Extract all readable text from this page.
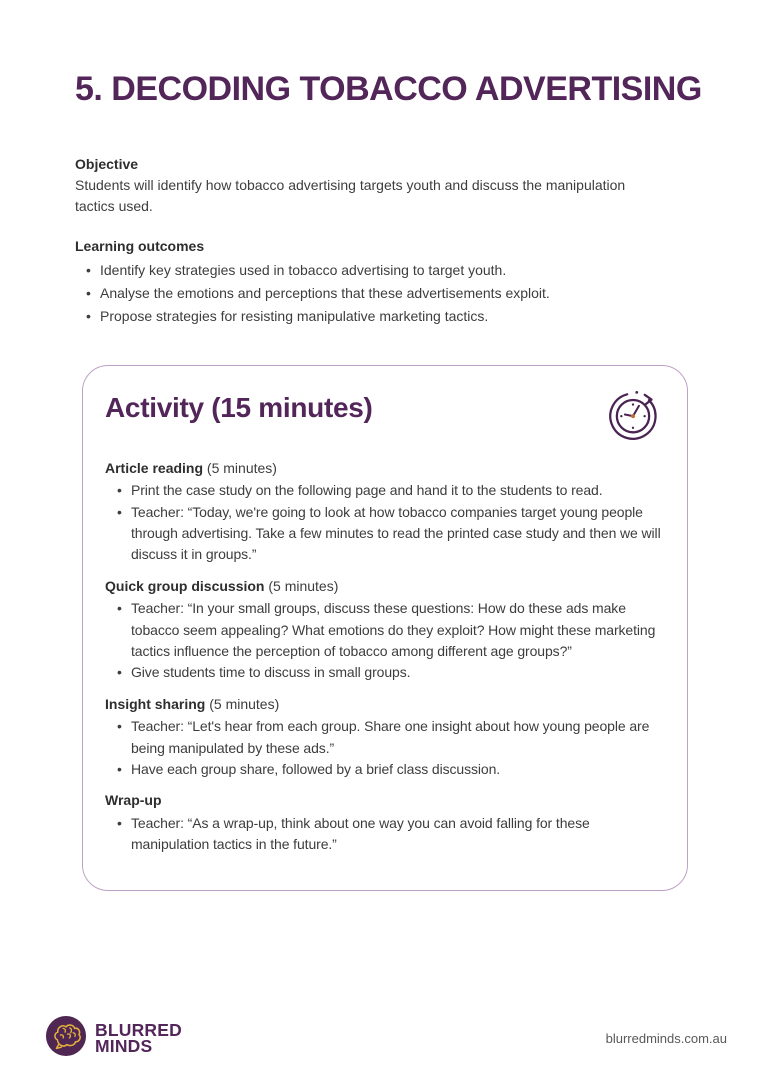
5. DECODING TOBACCO ADVERTISING

Objective

Students will identify how tobacco advertising targets youth and discuss the manipulation tactics used.

Learning outcomes

• Identify key strategies used in tobacco advertising to target youth.
• Analyse the emotions and perceptions that these advertisements exploit.
• Propose strategies for resisting manipulative marketing tactics.
Activity (15 minutes)

Article reading (5 minutes)

• Print the case study on the following page and hand it to the students to read.
• Teacher: “Today, we're going to look at how tobacco companies target young people through advertising. Take a few minutes to read the printed case study and then we will discuss it in groups.”

Quick group discussion (5 minutes)

• Teacher: “In your small groups, discuss these questions: How do these ads make tobacco seem appealing? What emotions do they exploit? How might these marketing tactics influence the perception of tobacco among different age groups?”
• Give students time to discuss in small groups.

Insight sharing (5 minutes)

• Teacher: “Let's hear from each group. Share one insight about how young people are being manipulated by these ads.”
• Have each group share, followed by a brief class discussion.

Wrap-up

• Teacher: “As a wrap-up, think about one way you can avoid falling for these manipulation tactics in the future.”
BLURRED
MINDS	blurredminds.com.au
